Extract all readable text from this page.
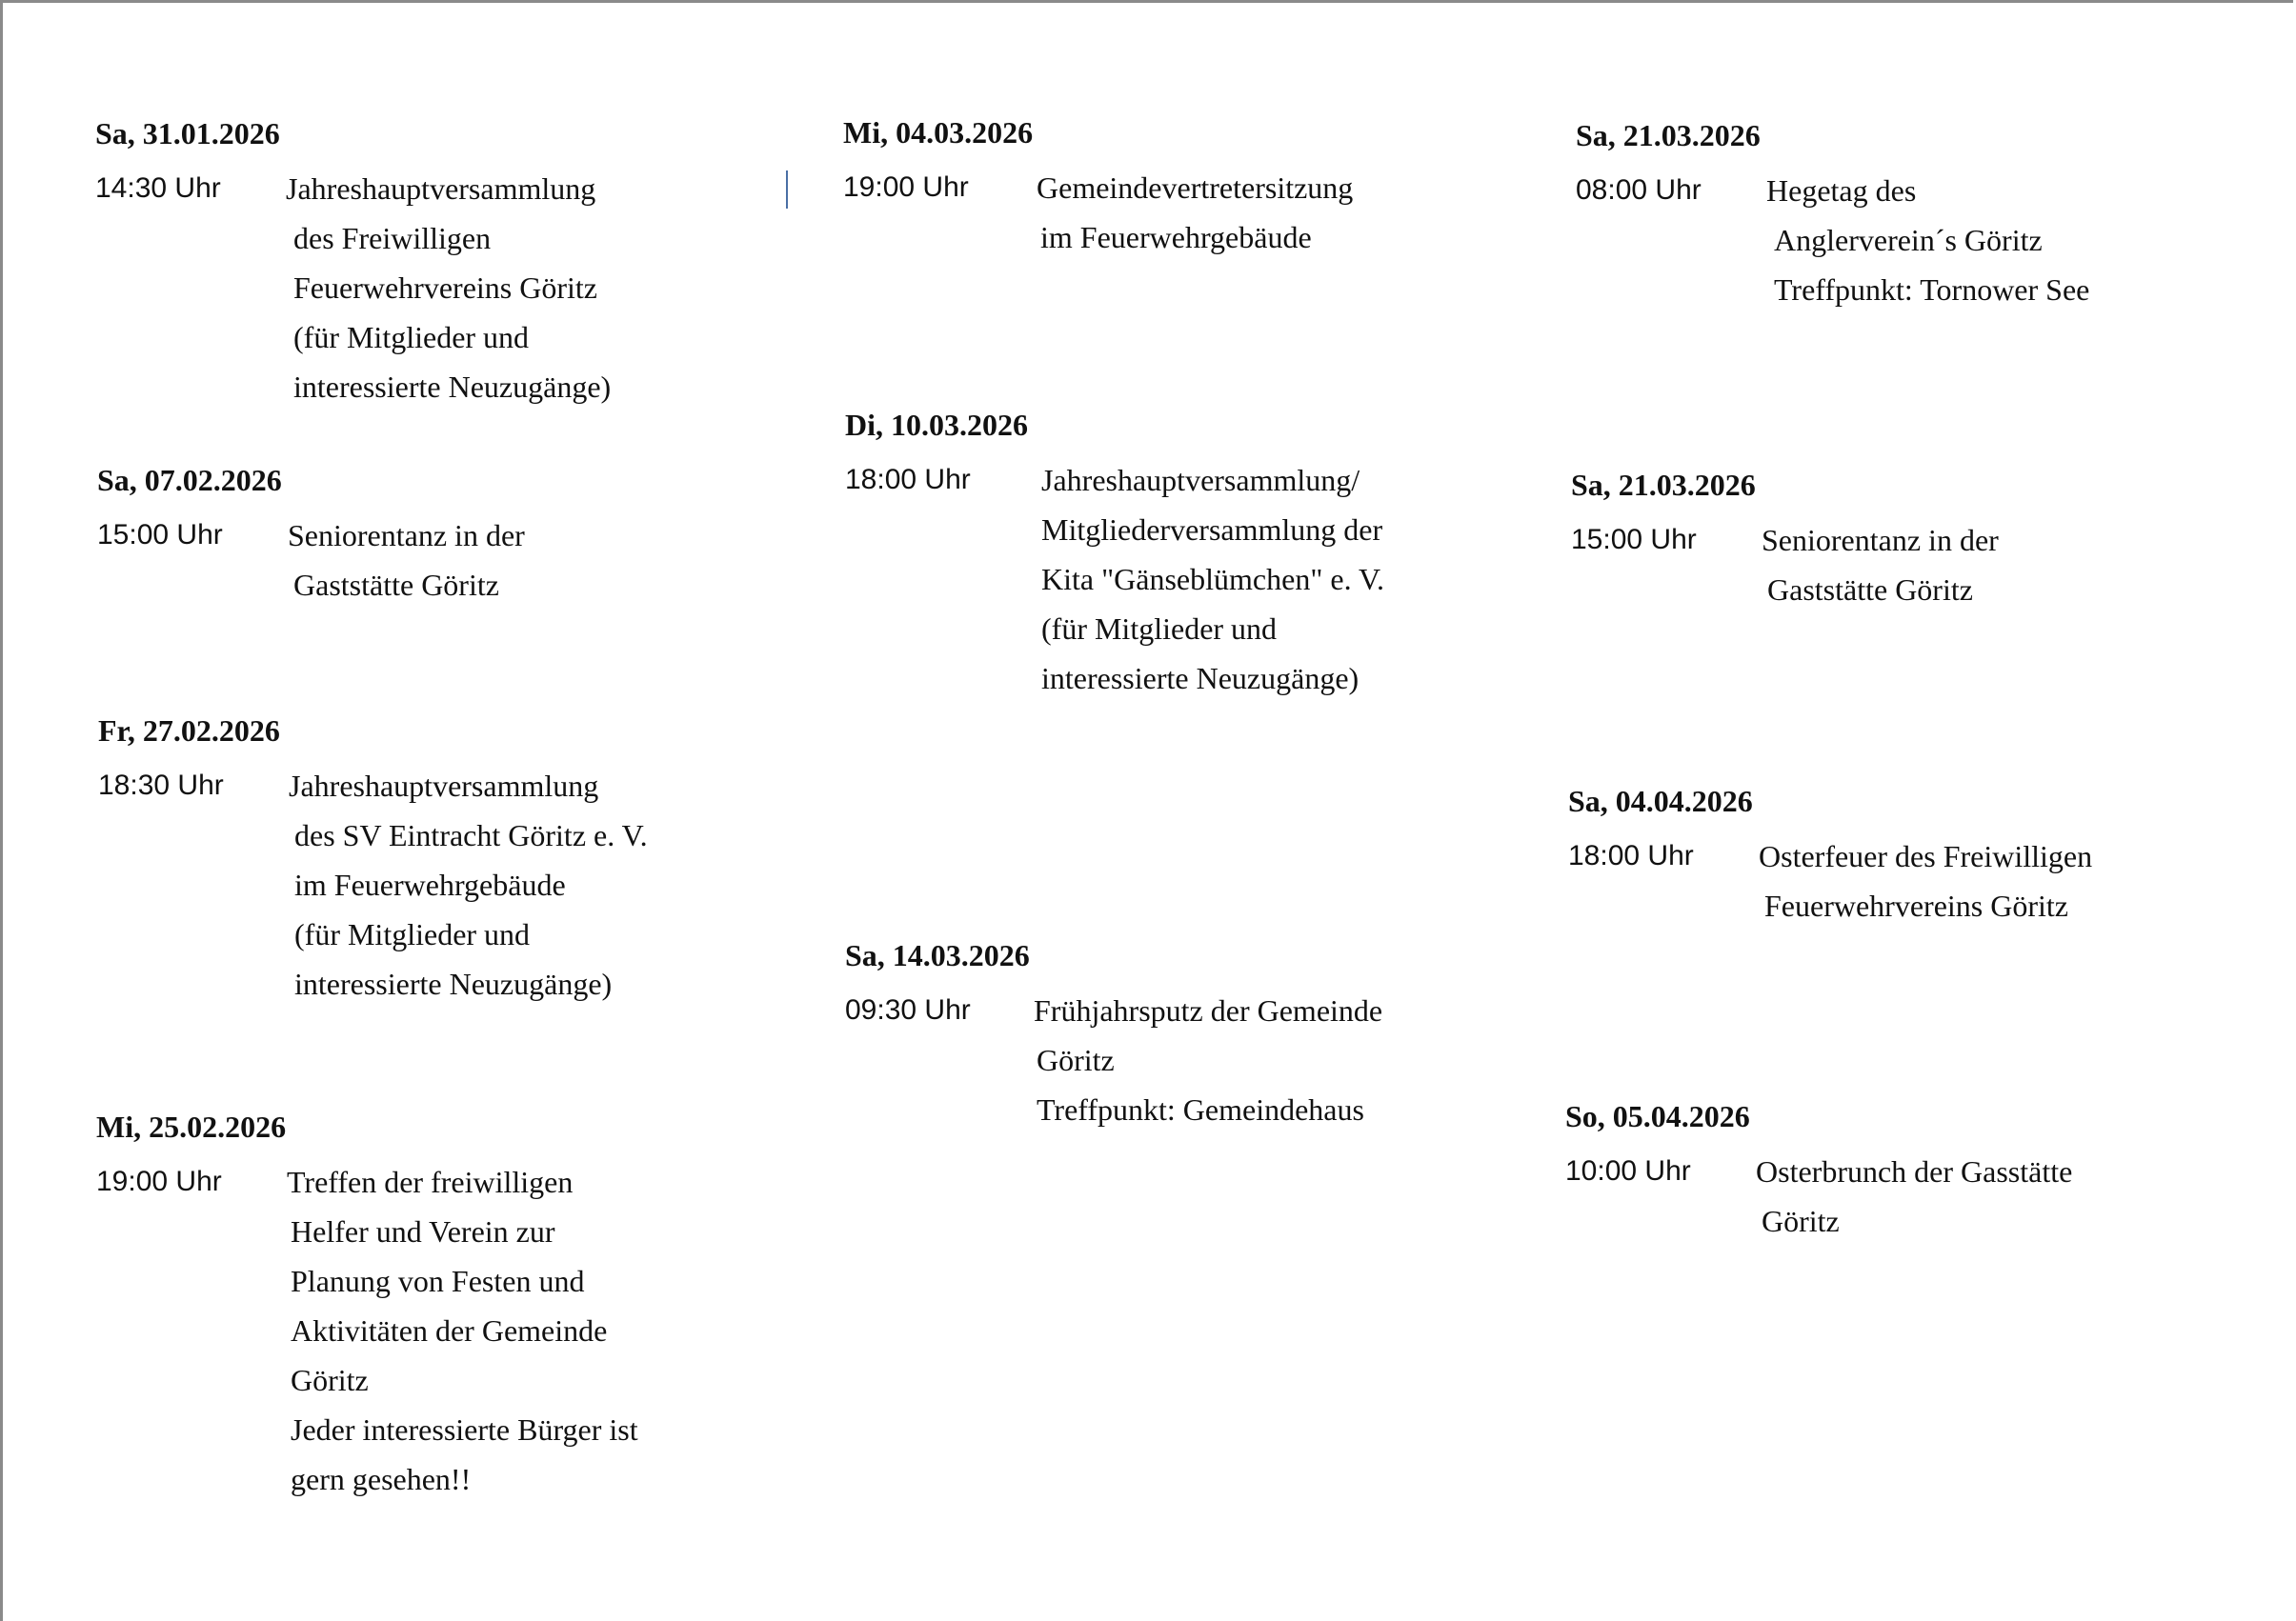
Sa, 31.01.2026
14:30 Uhr Jahreshauptversammlung
des Freiwilligen
Feuerwehrvereins Göritz
(für Mitglieder und
interessierte Neuzugänge)
Sa, 07.02.2026
15:00 Uhr Seniorentanz in der
Gaststätte Göritz
Fr, 27.02.2026
18:30 Uhr Jahreshauptversammlung
des SV Eintracht Göritz e. V.
im Feuerwehrgebäude
(für Mitglieder und
interessierte Neuzugänge)
Mi, 25.02.2026
19:00 Uhr Treffen der freiwilligen
Helfer und Verein zur
Planung von Festen und
Aktivitäten der Gemeinde
Göritz
Jeder interessierte Bürger ist
gern gesehen!!
Mi, 04.03.2026
19:00 Uhr Gemeindevertretersitzung
im Feuerwehrgebäude
Di, 10.03.2026
18:00 Uhr Jahreshauptversammlung/
Mitgliederversammlung der
Kita "Gänseblümchen" e. V.
(für Mitglieder und
interessierte Neuzugänge)
Sa, 14.03.2026
09:30 Uhr Frühjahrsputz der Gemeinde
Göritz
Treffpunkt: Gemeindehaus
Sa, 21.03.2026
08:00 Uhr Hegetag des
Anglerverein´s Göritz
Treffpunkt: Tornower See
Sa, 21.03.2026
15:00 Uhr Seniorentanz in der
Gaststätte Göritz
Sa, 04.04.2026
18:00 Uhr Osterfeuer des Freiwilligen
Feuerwehrvereins Göritz
So, 05.04.2026
10:00 Uhr Osterbrunch der Gasstätte
Göritz
